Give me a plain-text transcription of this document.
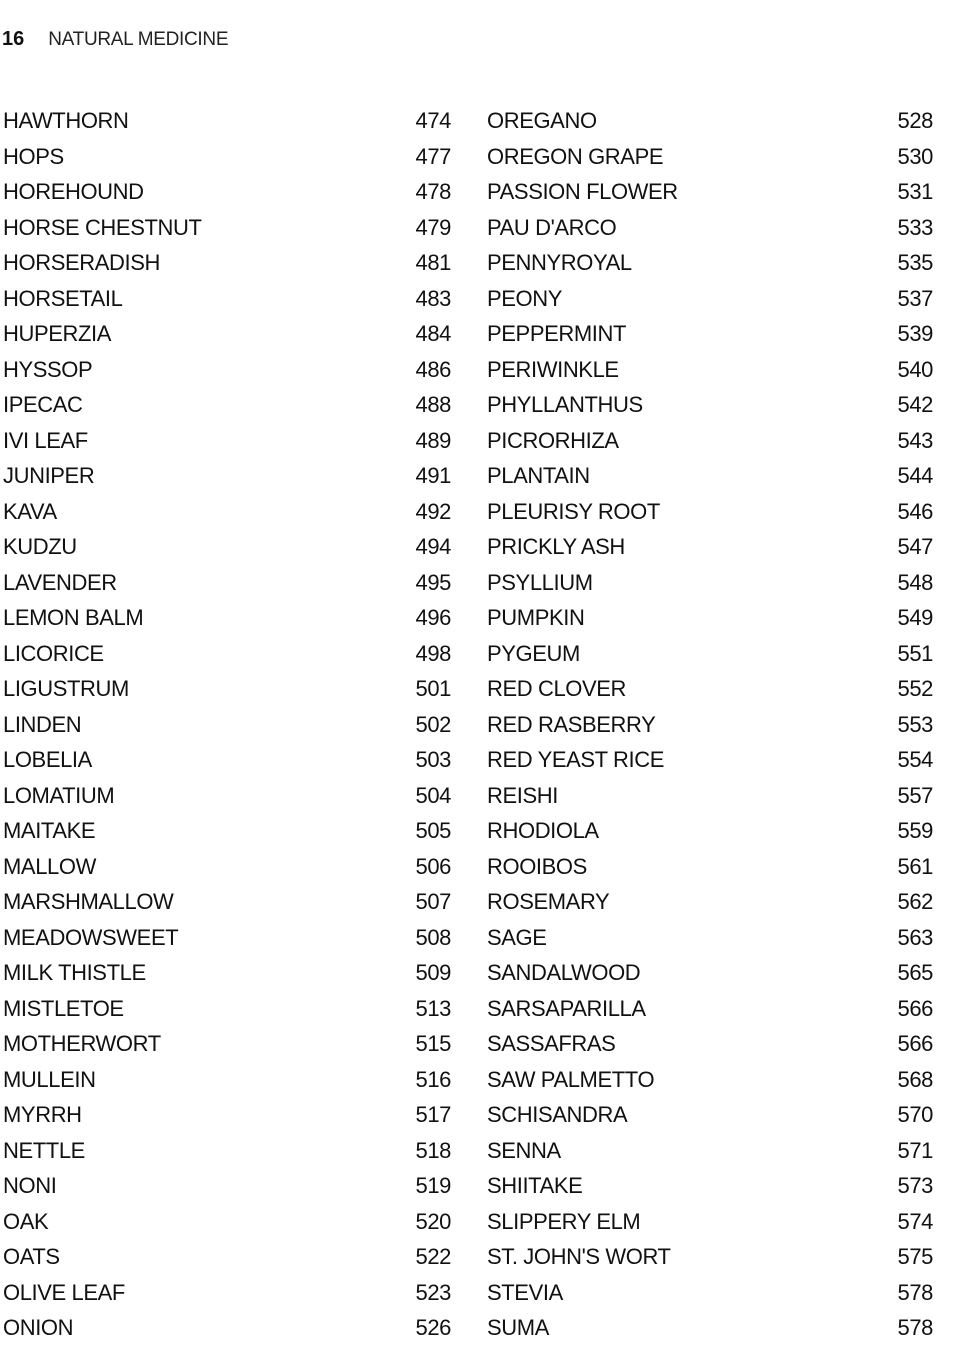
16 NATURAL MEDICINE
HAWTHORN	474
HOPS	477
HOREHOUND	478
HORSE CHESTNUT	479
HORSERADISH	481
HORSETAIL	483
HUPERZIA	484
HYSSOP	486
IPECAC	488
IVI LEAF	489
JUNIPER	491
KAVA	492
KUDZU	494
LAVENDER	495
LEMON BALM	496
LICORICE	498
LIGUSTRUM	501
LINDEN	502
LOBELIA	503
LOMATIUM	504
MAITAKE	505
MALLOW	506
MARSHMALLOW	507
MEADOWSWEET	508
MILK THISTLE	509
MISTLETOE	513
MOTHERWORT	515
MULLEIN	516
MYRRH	517
NETTLE	518
NONI	519
OAK	520
OATS	522
OLIVE LEAF	523
ONION	526
OREGANO	528
OREGON GRAPE	530
PASSION FLOWER	531
PAU D'ARCO	533
PENNYROYAL	535
PEONY	537
PEPPERMINT	539
PERIWINKLE	540
PHYLLANTHUS	542
PICRORHIZA	543
PLANTAIN	544
PLEURISY ROOT	546
PRICKLY ASH	547
PSYLLIUM	548
PUMPKIN	549
PYGEUM	551
RED CLOVER	552
RED RASBERRY	553
RED YEAST RICE	554
REISHI	557
RHODIOLA	559
ROOIBOS	561
ROSEMARY	562
SAGE	563
SANDALWOOD	565
SARSAPARILLA	566
SASSAFRAS	566
SAW PALMETTO	568
SCHISANDRA	570
SENNA	571
SHIITAKE	573
SLIPPERY ELM	574
ST. JOHN'S WORT	575
STEVIA	578
SUMA	578
